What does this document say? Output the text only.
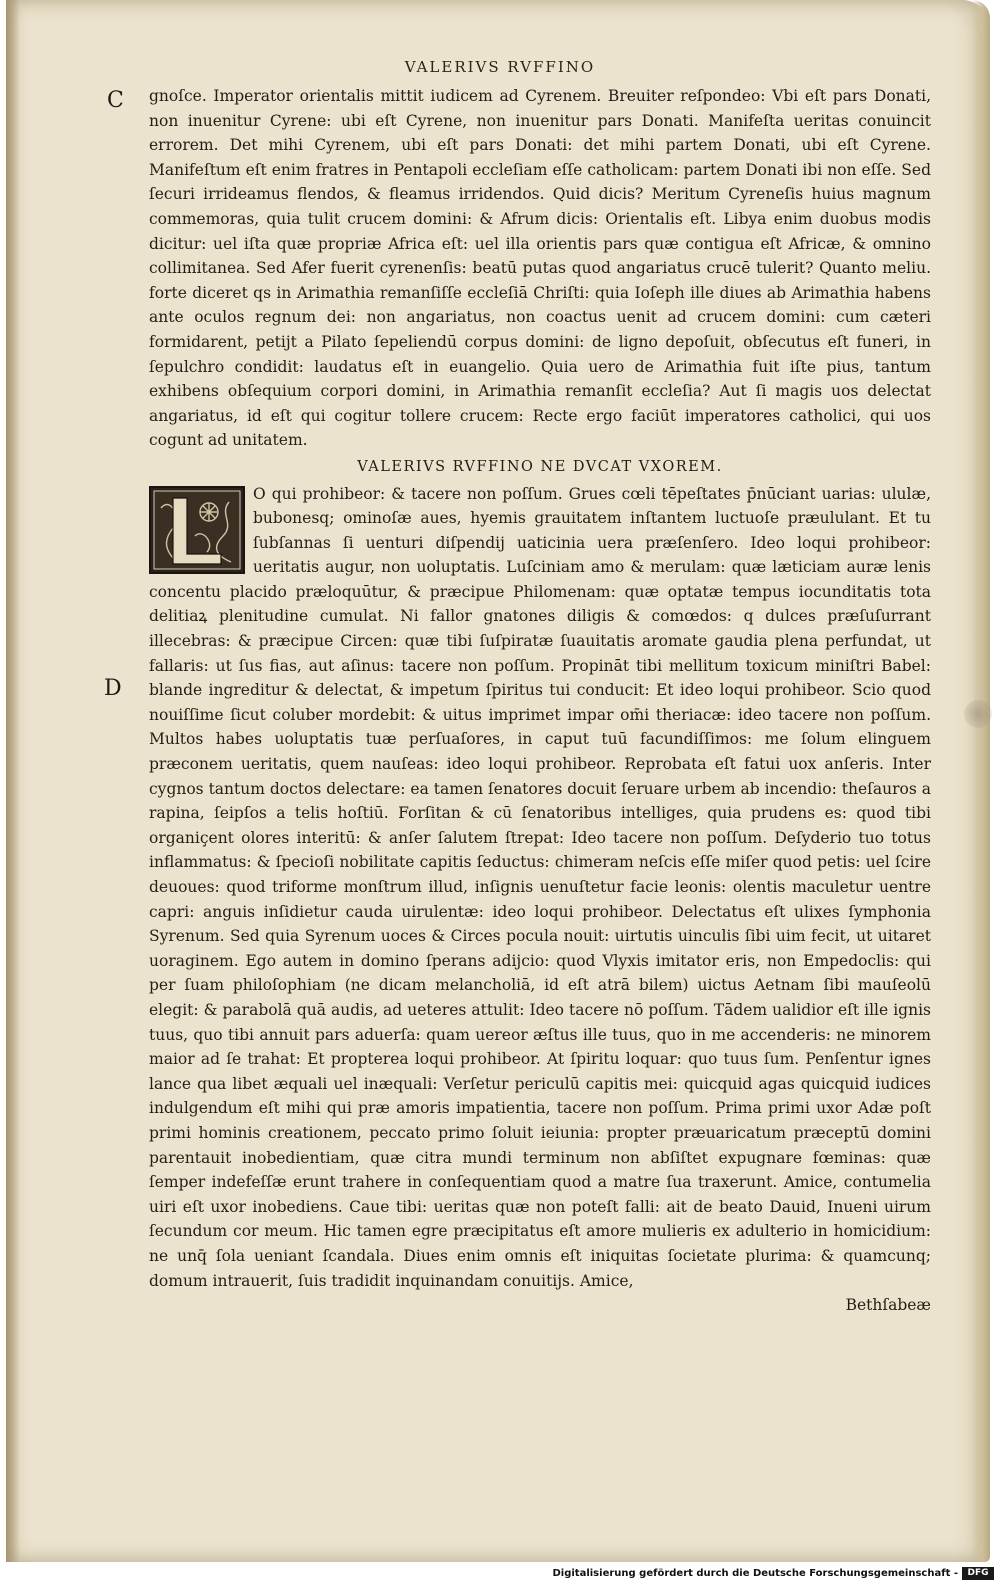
VALERIVS RVFFINO
C
D

gnoſce. Imperator orientalis mittit iudicem ad Cyrenem. Breuiter reſpondeo: Vbi eſt pars Donati, non inuenitur Cyrene: ubi eſt Cyrene, non inuenitur pars Donati. Manifeſta ueritas conuincit errorem. Det mihi Cyrenem, ubi eſt pars Donati: det mihi partem Donati, ubi eſt Cyrene. Manifeſtum eſt enim fratres in Pentapoli eccleſiam eſſe catholicam: partem Donati ibi non eſſe. Sed ſecuri irrideamus flendos, & fleamus irridendos. Quid dicis? Meritum Cyreneſis huius magnum commemoras, quia tulit crucem domini: & Afrum dicis: Orientalis eſt. Libya enim duobus modis dicitur: uel iſta quæ propriæ Africa eſt: uel illa orientis pars quæ contigua eſt Africæ, & omnino collimitanea. Sed Afer fuerit cyrenenſis: beatū putas quod angariatus crucē tulerit? Quanto meliu. forte diceret qs in Arimathia remanſiſſe eccleſiā Chriſti: quia Ioſeph ille diues ab Arimathia habens ante oculos regnum dei: non angariatus, non coactus uenit ad crucem domini: cum cæteri formidarent, petijt a Pilato ſepeliendū corpus domini: de ligno depoſuit, obſecutus eſt funeri, in ſepulchro condidit: laudatus eſt in euangelio. Quia uero de Arimathia fuit iſte pius, tantum exhibens obſequium corpori domini, in Arimathia remanſit eccleſia? Aut ſi magis uos delectat angariatus, id eſt qui cogitur tollere crucem: Recte ergo faciūt imperatores catholici, qui uos cogunt ad unitatem.

VALERIVS RVFFINO NE DVCAT VXOREM.
L	O qui prohibeor: & tacere non poſſum. Grues cœli tēpeſtates p̄nūciant uarias: ululæ, bubonesq; ominoſæ aues, hyemis grauitatem inſtantem luctuoſe præululant. Et tu ſubſannas ſi uenturi diſpendij uaticinia uera præſenſero. Ideo loqui prohibeor: ueritatis augur, non uoluptatis. Luſciniam amo & merulam: quæ læticiam auræ lenis concentu placido præloquūtur, & præcipue Philomenam: quæ optatæ tempus iocunditatis tota delitiaꝝ plenitudine cumulat. Ni fallor gnatones diligis & comœdos: q dulces præſuſurrant illecebras: & præcipue Circen: quæ tibi ſuſpiratæ ſuauitatis aromate gaudia plena perfundat, ut fallaris: ut ſus fias, aut aſinus: tacere non poſſum. Propināt tibi mellitum toxicum miniſtri Babel: blande ingreditur & delectat, & impetum ſpiritus tui conducit: Et ideo loqui prohibeor. Scio quod nouiſſime ſicut coluber mordebit: & uitus imprimet impar om̄i theriacæ: ideo tacere non poſſum. Multos habes uoluptatis tuæ perſuaſores, in caput tuū facundiſſimos: me ſolum elinguem præconem ueritatis, quem nauſeas: ideo loqui prohibeor. Reprobata eſt fatui uox anſeris. Inter cygnos tantum doctos delectare: ea tamen ſenatores docuit ſeruare urbem ab incendio: theſauros a rapina, ſeipſos a telis hoſtiū. Forſitan & cū ſenatoribus intelliges, quia prudens es: quod tibi organiçent olores interitū: & anſer ſalutem ſtrepat: Ideo tacere non poſſum. Deſyderio tuo totus inflammatus: & ſpecioſi nobilitate capitis ſeductus: chimeram neſcis eſſe miſer quod petis: uel ſcire deuoues: quod triforme monſtrum illud, inſignis uenuſtetur facie leonis: olentis maculetur uentre capri: anguis inſidietur cauda uirulentæ: ideo loqui prohibeor. Delectatus eſt ulixes ſymphonia Syrenum. Sed quia Syrenum uoces & Circes pocula nouit: uirtutis uinculis ſibi uim fecit, ut uitaret uoraginem. Ego autem in domino ſperans adijcio: quod Vlyxis imitator eris, non Empedoclis: qui per ſuam philoſophiam (ne dicam melancholiā, id eſt atrā bilem) uictus Aetnam ſibi mauſeolū elegit: & parabolā quā audis, ad ueteres attulit: Ideo tacere nō poſſum. Tādem ualidior eſt ille ignis tuus, quo tibi annuit pars aduerſa: quam uereor æſtus ille tuus, quo in me accenderis: ne minorem maior ad ſe trahat: Et propterea loqui prohibeor. At ſpiritu loquar: quo tuus ſum. Penſentur ignes lance qua libet æquali uel inæquali: Verſetur periculū capitis mei: quicquid agas quicquid iudices indulgendum eſt mihi qui præ amoris impatientia, tacere non poſſum. Prima primi uxor Adæ poſt primi hominis creationem, peccato primo ſoluit ieiunia: propter præuaricatum præceptū domini parentauit inobedientiam, quæ citra mundi terminum non abſiſtet expugnare fœminas: quæ ſemper indefeſſæ erunt trahere in conſequentiam quod a matre ſua traxerunt. Amice, contumelia uiri eſt uxor inobediens. Caue tibi: ueritas quæ non poteſt falli: ait de beato Dauid, Inueni uirum ſecundum cor meum. Hic tamen egre præcipitatus eſt amore mulieris ex adulterio in homicidium: ne unq̄ ſola ueniant ſcandala. Diues enim omnis eſt iniquitas ſocietate plurima: & quamcunq; domum intrauerit, ſuis tradidit inquinandam conuitijs. Amice,

Bethſabeæ
Digitalisierung gefördert durch die Deutsche Forschungsgemeinschaft -	DFG
